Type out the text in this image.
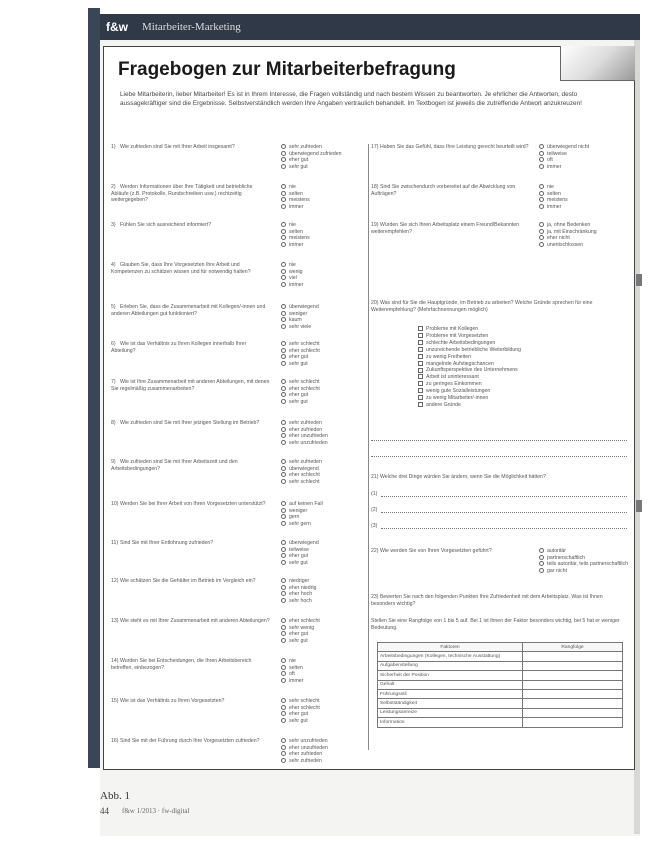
f&w Mitarbeiter-Marketing
Fragebogen zur Mitarbeiterbefragung
Liebe Mitarbeiterin, lieber Mitarbeiter! Es ist in Ihrem Interesse, die Fragen vollständig und nach bestem Wissen zu beantworten. Je ehrlicher die Antworten, desto aussagekräftiger sind die Ergebnisse. Selbstverständlich werden Ihre Angaben vertraulich behandelt. Im Textbogen ist jeweils die zutreffende Antwort anzukreuzen!
1) Wie zufrieden sind Sie mit Ihrer Arbeit insgesamt?	sehr zufrieden
überwiegend zufrieden
eher gut
sehr gut
2) Werden Informationen über Ihre Tätigkeit und betriebliche Abläufe (z.B. Protokolle, Rundschreiben usw.) rechtzeitig weitergegeben?
nie
selten
meistens
immer
3) Fühlen Sie sich ausreichend informiert?	nie
selten
meistens
immer
4) Glauben Sie, dass Ihre Vorgesetzten Ihre Arbeit und Kompetenzen zu schätzen wissen und für notwendig halten?
nie
wenig
viel
immer
5) Erleben Sie, dass die Zusammenarbeit mit Kollegen/-innen und anderen Abteilungen gut funktioniert?
überwiegend
weniger
kaum
sehr viele
6) Wie ist das Verhältnis zu Ihren Kollegen innerhalb Ihrer Abteilung?
sehr schlecht
eher schlecht
eher gut
sehr gut
7) Wie ist Ihre Zusammenarbeit mit anderen Abteilungen, mit denen Sie regelmäßig zusammenarbeiten?
sehr schlecht
eher schlecht
eher gut
sehr gut
8) Wie zufrieden sind Sie mit Ihrer jetzigen Stellung im Betrieb?	sehr zufrieden
eher zufrieden
eher unzufrieden
sehr unzufrieden
9) Wie zufrieden sind Sie mit Ihrer Arbeitszeit und den Arbeitsbedingungen?
sehr zufrieden
überwiegend
eher schlecht
sehr schlecht
10) Werden Sie bei Ihrer Arbeit von Ihren Vorgesetzten unterstützt?	auf keinen Fall
weniger
gern
sehr gern
11) Sind Sie mit Ihrer Entlohnung zufrieden?	überwiegend
teilweise
eher gut
sehr gut
12) Wie schätzen Sie die Gehälter im Betrieb im Vergleich ein?	niedriger
eher niedrig
eher hoch
sehr hoch
13) Wie steht es mit Ihrer Zusammenarbeit mit anderen Abteilungen?	eher schlecht
sehr wenig
eher gut
sehr gut
14) Wurden Sie bei Entscheidungen, die Ihren Arbeitsbereich betreffen, einbezogen?
nie
selten
oft
immer
15) Wie ist das Verhältnis zu Ihren Vorgesetzten?	sehr schlecht
eher schlecht
eher gut
sehr gut
16) Sind Sie mit der Führung durch Ihre Vorgesetzten zufrieden?	sehr unzufrieden
eher unzufrieden
eher zufrieden
sehr zufrieden
17) Haben Sie das Gefühl, dass Ihre Leistung gerecht beurteilt wird?	überwiegend nicht
teilweise
oft
immer
18) Sind Sie zwischendurch vorbereitet auf die Abwicklung von Aufträgen?
nie
selten
meistens
immer
19) Würden Sie sich Ihren Arbeitsplatz einem Freund/Bekannten weiterempfehlen?
ja, ohne Bedenken
ja, mit Einschränkung
eher nicht
unentschlossen
20) Was sind für Sie die Hauptgründe, im Betrieb zu arbeiten? Welche Gründe sprechen für eine Weiterempfehlung? (Mehrfachnennungen möglich)
Probleme mit Kollegen
Probleme mit Vorgesetzten
schlechte Arbeitsbedingungen
unzureichende betriebliche Weiterbildung
zu wenig Freiheiten
mangelnde Aufstiegschancen
Zukunftsperspektive des Unternehmens
Arbeit ist uninteressant
zu geringes Einkommen
wenig gute Sozialleistungen
zu wenig Mitarbeiter/-innen
andere Gründe
21) Welche drei Dinge würden Sie ändern, wenn Sie die Möglichkeit hätten?
(1)
(2)
(3)
22) Wie werden Sie von Ihren Vorgesetzten geführt?	autoritär
partnerschaftlich
teils autoritär, teils partnerschaftlich
gar nicht
23) Bewerten Sie nach den folgenden Punkten Ihre Zufriedenheit mit dem Arbeitsplatz. Was ist Ihnen besonders wichtig?
Stellen Sie eine Rangfolge von 1 bis 5 auf. Bei 1 ist Ihnen der Faktor besonders wichtig, bei 5 hat er weniger Bedeutung.
Faktoren	Rangfolge
Arbeitsbedingungen (Kollegen, technische Ausstattung)	
Aufgabenstellung	
Sicherheit der Position	
Gehalt	
Führungsstil	
Selbstständigkeit	
Leistungsanreize	
Information	
Abb. 1
44 f&w 1/2013 · fw-digital
